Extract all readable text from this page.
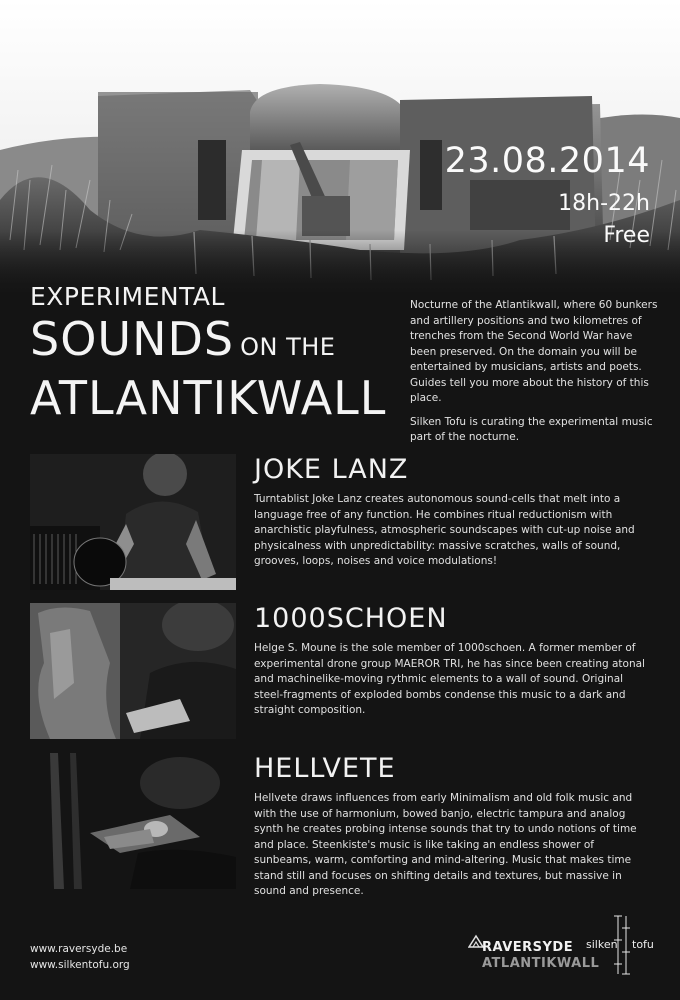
23.08.2014
18h-22h
Free
EXPERIMENTAL
SOUNDS ON THE
ATLANTIKWALL

Nocturne of the Atlantikwall, where 60 bunkers and artillery positions and two kilometres of trenches from the Second World War have been preserved. On the domain you will be entertained by musicians, artists and poets. Guides tell you more about the history of this place.

Silken Tofu is curating the experimental music part of the nocturne.

JOKE LANZ

Turntablist Joke Lanz creates autonomous sound-cells that melt into a language free of any function. He combines ritual reductionism with anarchistic playfulness, atmospheric soundscapes with cut-up noise and physicalness with unpredictability: massive scratches, walls of sound, grooves, loops, noises and voice modulations!

1000SCHOEN

Helge S. Moune is the sole member of 1000schoen. A former member of experimental drone group MAEROR TRI, he has since been creating atonal and machinelike-moving rythmic elements to a wall of sound. Original steel-fragments of exploded bombs condense this music to a dark and straight composition.

HELLVETE

Hellvete draws influences from early Minimalism and old folk music and with the use of harmonium, bowed banjo, electric tampura and analog synth he creates probing intense sounds that try to undo notions of time and place. Steenkiste's music is like taking an endless shower of sunbeams, warm, comforting and mind-altering. Music that makes time stand still and focuses on shifting details and textures, but massive in sound and presence.

www.raversyde.be
www.silkentofu.org
RAVERSYDE
ATLANTIKWALL
silken tofu
